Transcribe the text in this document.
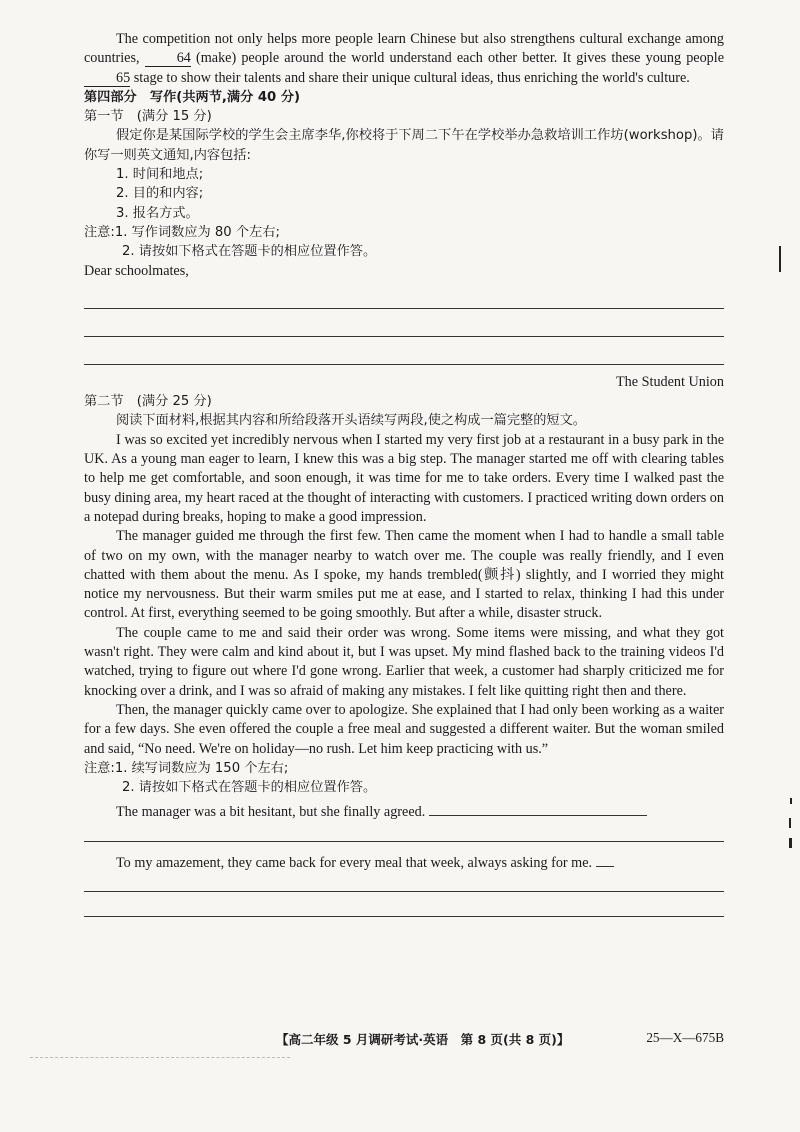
The competition not only helps more people learn Chinese but also strengthens cultural exchange among countries,	64 (make) people around the world understand each other better. It gives these young people 65 stage to show their talents and share their unique cultural ideas, thus enriching the world's culture.

第四部分　写作(共两节,满分 40 分)

第一节　(满分 15 分)

假定你是某国际学校的学生会主席李华,你校将于下周二下午在学校举办急救培训工作坊(workshop)。请你写一则英文通知,内容包括:

1. 时间和地点;

2. 目的和内容;

3. 报名方式。

注意:1. 写作词数应为 80 个左右;

2. 请按如下格式在答题卡的相应位置作答。

Dear schoolmates,

The Student Union

第二节　(满分 25 分)

阅读下面材料,根据其内容和所给段落开头语续写两段,使之构成一篇完整的短文。

I was so excited yet incredibly nervous when I started my very first job at a restaurant in a busy park in the UK. As a young man eager to learn, I knew this was a big step. The manager started me off with clearing tables to help me get comfortable, and soon enough, it was time for me to take orders. Every time I walked past the busy dining area, my heart raced at the thought of interacting with customers. I practiced writing down orders on a notepad during breaks, hoping to make a good impression.

The manager guided me through the first few. Then came the moment when I had to handle a small table of two on my own, with the manager nearby to watch over me. The couple was really friendly, and I even chatted with them about the menu. As I spoke, my hands trembled(颤抖) slightly, and I worried they might notice my nervousness. But their warm smiles put me at ease, and I started to relax, thinking I had this under control. At first, everything seemed to be going smoothly. But after a while, disaster struck.

The couple came to me and said their order was wrong. Some items were missing, and what they got wasn't right. They were calm and kind about it, but I was upset. My mind flashed back to the training videos I'd watched, trying to figure out where I'd gone wrong. Earlier that week, a customer had sharply criticized me for knocking over a drink, and I was so afraid of making any mistakes. I felt like quitting right then and there.

Then, the manager quickly came over to apologize. She explained that I had only been working as a waiter for a few days. She even offered the couple a free meal and suggested a different waiter. But the woman smiled and said, “No need. We're on holiday—no rush. Let him keep practicing with us.”

注意:1. 续写词数应为 150 个左右;

2. 请按如下格式在答题卡的相应位置作答。

The manager was a bit hesitant, but she finally agreed.

To my amazement, they came back for every meal that week, always asking for me.

【高二年级 5 月调研考试·英语　第 8 页(共 8 页)】	25—X—675B
